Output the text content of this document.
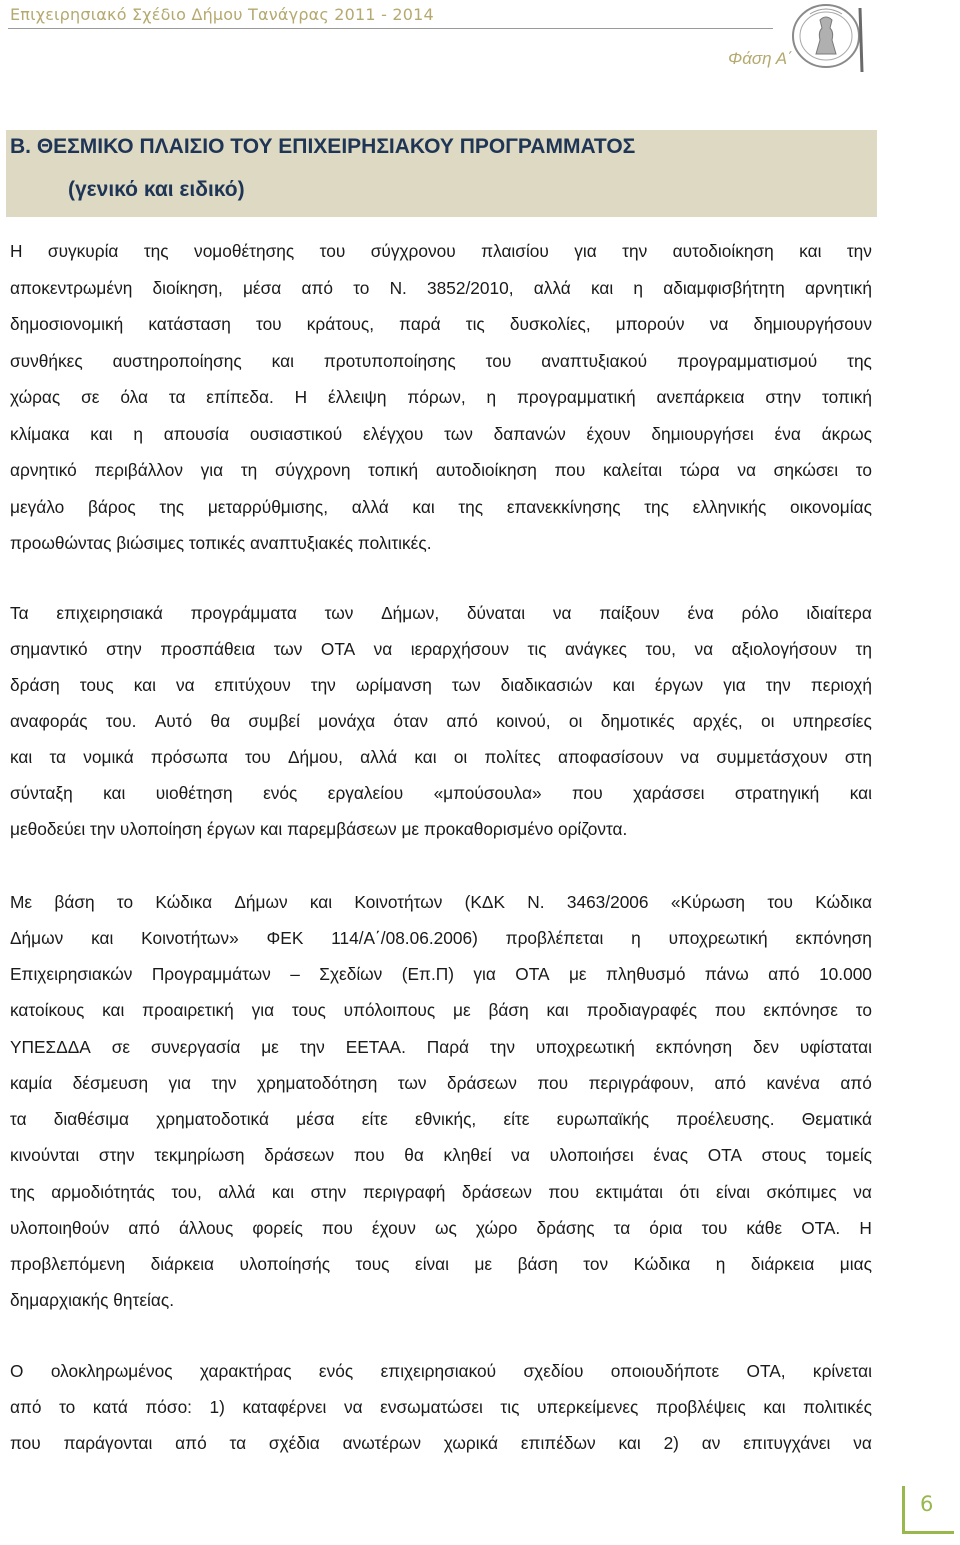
Επιχειρησιακό Σχέδιο Δήμου Τανάγρας 2011 - 2014
Φάση Α΄
Β. ΘΕΣΜΙΚΟ ΠΛΑΙΣΙΟ ΤΟΥ ΕΠΙΧΕΙΡΗΣΙΑΚΟΥ ΠΡΟΓΡΑΜΜΑΤΟΣ
(γενικό και ειδικό)
Η συγκυρία της νομοθέτησης του σύγχρονου πλαισίου για την αυτοδιοίκηση και την
αποκεντρωμένη διοίκηση, μέσα από το Ν. 3852/2010, αλλά και η αδιαμφισβήτητη αρνητική
δημοσιονομική κατάσταση του κράτους, παρά τις δυσκολίες, μπορούν να δημιουργήσουν
συνθήκες αυστηροποίησης και προτυποποίησης του αναπτυξιακού προγραμματισμού της
χώρας σε όλα τα επίπεδα. Η έλλειψη πόρων, η προγραμματική ανεπάρκεια στην τοπική
κλίμακα και η απουσία ουσιαστικού ελέγχου των δαπανών έχουν δημιουργήσει ένα άκρως
αρνητικό περιβάλλον για τη σύγχρονη τοπική αυτοδιοίκηση που καλείται τώρα να σηκώσει το
μεγάλο βάρος της μεταρρύθμισης, αλλά και της επανεκκίνησης της ελληνικής οικονομίας
προωθώντας βιώσιμες τοπικές αναπτυξιακές πολιτικές.
Τα επιχειρησιακά προγράμματα των Δήμων, δύναται να παίξουν ένα ρόλο ιδιαίτερα
σημαντικό στην προσπάθεια των ΟΤΑ να ιεραρχήσουν τις ανάγκες του, να αξιολογήσουν τη
δράση τους και να επιτύχουν την ωρίμανση των διαδικασιών και έργων για την περιοχή
αναφοράς του. Αυτό θα συμβεί μονάχα όταν από κοινού, οι δημοτικές αρχές, οι υπηρεσίες
και τα νομικά πρόσωπα του Δήμου, αλλά και οι πολίτες αποφασίσουν να συμμετάσχουν στη
σύνταξη και υιοθέτηση ενός εργαλείου «μπούσουλα» που χαράσσει στρατηγική και
μεθοδεύει την υλοποίηση έργων και παρεμβάσεων με προκαθορισμένο ορίζοντα.
Με βάση το Κώδικα Δήμων και Κοινοτήτων (ΚΔΚ Ν. 3463/2006 «Κύρωση του Κώδικα
Δήμων και Κοινοτήτων» ΦΕΚ 114/Α΄/08.06.2006) προβλέπεται η υποχρεωτική εκπόνηση
Επιχειρησιακών Προγραμμάτων – Σχεδίων (Επ.Π) για ΟΤΑ με πληθυσμό πάνω από 10.000
κατοίκους και προαιρετική για τους υπόλοιπους με βάση και προδιαγραφές που εκπόνησε το
ΥΠΕΣΔΔΑ σε συνεργασία με την ΕΕΤΑΑ. Παρά την υποχρεωτική εκπόνηση δεν υφίσταται
καμία δέσμευση για την χρηματοδότηση των δράσεων που περιγράφουν, από κανένα από
τα διαθέσιμα χρηματοδοτικά μέσα είτε εθνικής, είτε ευρωπαϊκής προέλευσης. Θεματικά
κινούνται στην τεκμηρίωση δράσεων που θα κληθεί να υλοποιήσει ένας ΟΤΑ στους τομείς
της αρμοδιότητάς του, αλλά και στην περιγραφή δράσεων που εκτιμάται ότι είναι σκόπιμες να
υλοποιηθούν από άλλους φορείς που έχουν ως χώρο δράσης τα όρια του κάθε ΟΤΑ. Η
προβλεπόμενη διάρκεια υλοποίησής τους είναι με βάση τον Κώδικα η διάρκεια μιας
δημαρχιακής θητείας.
Ο ολοκληρωμένος χαρακτήρας ενός επιχειρησιακού σχεδίου οποιουδήποτε ΟΤΑ, κρίνεται
από το κατά πόσο: 1) καταφέρνει να ενσωματώσει τις υπερκείμενες προβλέψεις και πολιτικές
που παράγονται από τα σχέδια ανωτέρων χωρικά επιπέδων και 2) αν επιτυγχάνει να
6
